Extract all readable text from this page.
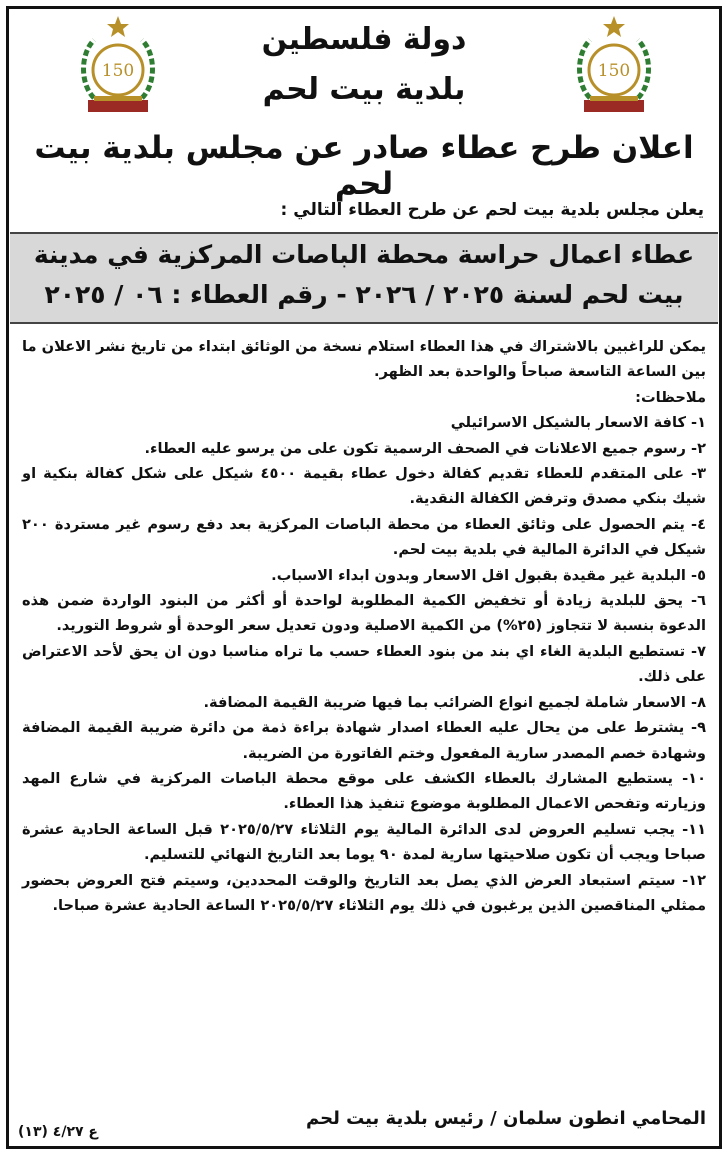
150	150
دولة فلسطين
بلدية بيت لحم
اعلان طرح عطاء صادر عن مجلس بلدية بيت لحم
يعلن مجلس بلدية بيت لحم عن طرح العطاء التالي :
عطاء اعمال حراسة محطة الباصات المركزية في مدينة
بيت لحم لسنة ٢٠٢٥ / ٢٠٢٦ - رقم العطاء : ٠٦ / ٢٠٢٥

يمكن للراغبين بالاشتراك في هذا العطاء استلام نسخة من الوثائق ابتداء من تاريخ نشر الاعلان ما بين الساعة التاسعة صباحاً والواحدة بعد الظهر.

ملاحظات:

١- كافة الاسعار بالشيكل الاسرائيلي

٢- رسوم جميع الاعلانات في الصحف الرسمية تكون على من يرسو عليه العطاء.

٣- على المتقدم للعطاء تقديم كفالة دخول عطاء بقيمة ٤٥٠٠ شيكل على شكل كفالة بنكية او شيك بنكي مصدق وترفض الكفالة النقدية.

٤- يتم الحصول على وثائق العطاء من محطة الباصات المركزية بعد دفع رسوم غير مستردة ٢٠٠ شيكل في الدائرة المالية في بلدية بيت لحم.

٥- البلدية غير مقيدة بقبول اقل الاسعار وبدون ابداء الاسباب.

٦- يحق للبلدية زيادة أو تخفيض الكمية المطلوبة لواحدة أو أكثر من البنود الواردة ضمن هذه الدعوة بنسبة لا تتجاوز (٢٥%) من الكمية الاصلية ودون تعديل سعر الوحدة أو شروط التوريد.

٧- تستطيع البلدية الغاء اي بند من بنود العطاء حسب ما تراه مناسبا دون ان يحق لأحد الاعتراض على ذلك.

٨- الاسعار شاملة لجميع انواع الضرائب بما فيها ضريبة القيمة المضافة.

٩- يشترط على من يحال عليه العطاء اصدار شهادة براءة ذمة من دائرة ضريبة القيمة المضافة وشهادة خصم المصدر سارية المفعول وختم الفاتورة من الضريبة.

١٠- يستطيع المشارك بالعطاء الكشف على موقع محطة الباصات المركزية في شارع المهد وزيارته وتفحص الاعمال المطلوبة موضوع تنفيذ هذا العطاء.

١١- يجب تسليم العروض لدى الدائرة المالية يوم الثلاثاء ٢٠٢٥/٥/٢٧ قبل الساعة الحادية عشرة صباحا ويجب أن تكون صلاحيتها سارية لمدة ٩٠ يوما بعد التاريخ النهائي للتسليم.

١٢- سيتم استبعاد العرض الذي يصل بعد التاريخ والوقت المحددين، وسيتم فتح العروض بحضور ممثلي المناقصين الذين يرغبون في ذلك يوم الثلاثاء ٢٠٢٥/٥/٢٧ الساعة الحادية عشرة صباحا.

المحامي انطون سلمان / رئيس بلدية بيت لحم
ع ٤/٢٧ (١٣)
